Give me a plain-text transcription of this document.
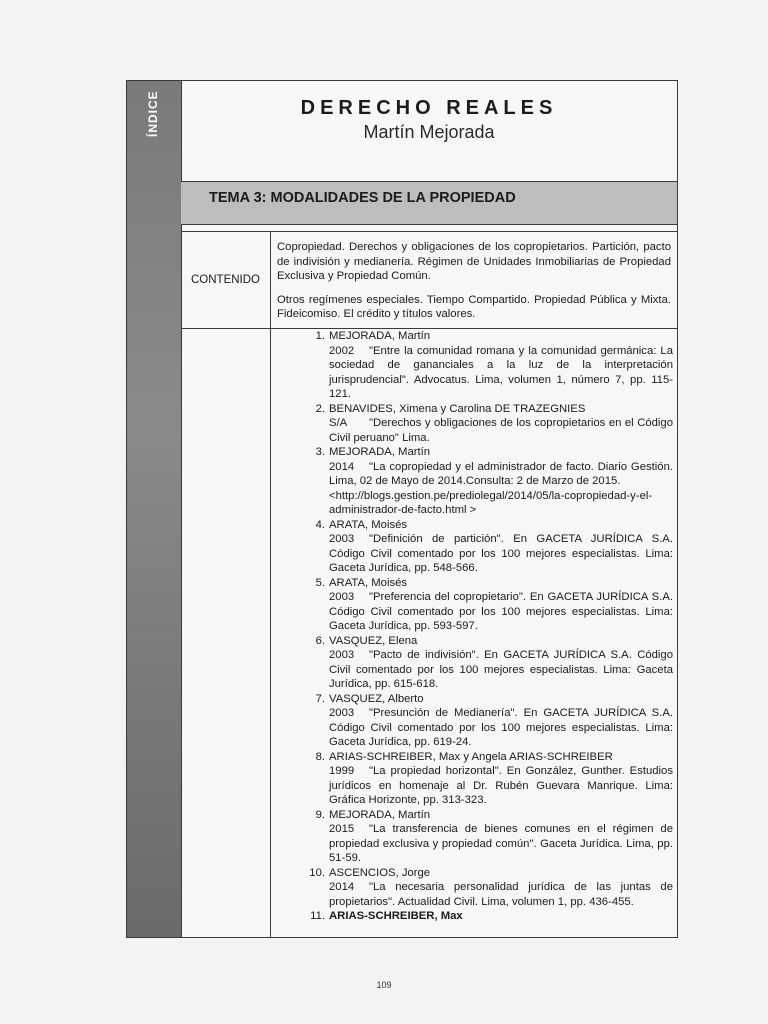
ÍNDICE	DERECHO REALES
Martín Mejorada
TEMA 3: MODALIDADES DE LA PROPIEDAD
CONTENIDO

Copropiedad. Derechos y obligaciones de los copropietarios. Partición, pacto de indivisión y medianería. Régimen de Unidades Inmobiliarias de Propiedad Exclusiva y Propiedad Común.

Otros regímenes especiales. Tiempo Compartido. Propiedad Pública y Mixta. Fideicomiso. El crédito y títulos valores.

1. MEJORADA, Martín
2002 "Entre la comunidad romana y la comunidad germánica: La sociedad de gananciales a la luz de la interpretación jurisprudencial". Advocatus. Lima, volumen 1, número 7, pp. 115-121.
2. BENAVIDES, Ximena y Carolina DE TRAZEGNIES
S/A "Derechos y obligaciones de los copropietarios en el Código Civil peruano" Lima.
3. MEJORADA, Martín
2014 "La copropiedad y el administrador de facto. Diario Gestión. Lima, 02 de Mayo de 2014.Consulta: 2 de Marzo de 2015.
<http://blogs.gestion.pe/prediolegal/2014/05/la-copropiedad-y-el-administrador-de-facto.html >
4. ARATA, Moisés
2003 "Definición de partición". En GACETA JURÍDICA S.A. Código Civil comentado por los 100 mejores especialistas. Lima: Gaceta Jurídica, pp. 548-566.
5. ARATA, Moisés
2003 "Preferencia del copropietario". En GACETA JURÍDICA S.A. Código Civil comentado por los 100 mejores especialistas. Lima: Gaceta Jurídica, pp. 593-597.
6. VASQUEZ, Elena
2003 "Pacto de indivisión". En GACETA JURÍDICA S.A. Código Civil comentado por los 100 mejores especialistas. Lima: Gaceta Jurídica, pp. 615-618.
7. VASQUEZ, Alberto
2003 "Presunción de Medianería". En GACETA JURÍDICA S.A. Código Civil comentado por los 100 mejores especialistas. Lima: Gaceta Jurídica, pp. 619-24.
8. ARIAS-SCHREIBER, Max y Angela ARIAS-SCHREIBER
1999 "La propiedad horizontal". En González, Gunther. Estudios jurídicos en homenaje al Dr. Rubén Guevara Manrique. Lima: Gráfica Horizonte, pp. 313-323.
9. MEJORADA, Martín
2015 "La transferencia de bienes comunes en el régimen de propiedad exclusiva y propiedad común". Gaceta Jurídica. Lima, pp. 51-59.
10. ASCENCIOS, Jorge
2014 "La necesaria personalidad jurídica de las juntas de propietarios". Actualidad Civil. Lima, volumen 1, pp. 436-455.
11. ARIAS-SCHREIBER, Max
109
